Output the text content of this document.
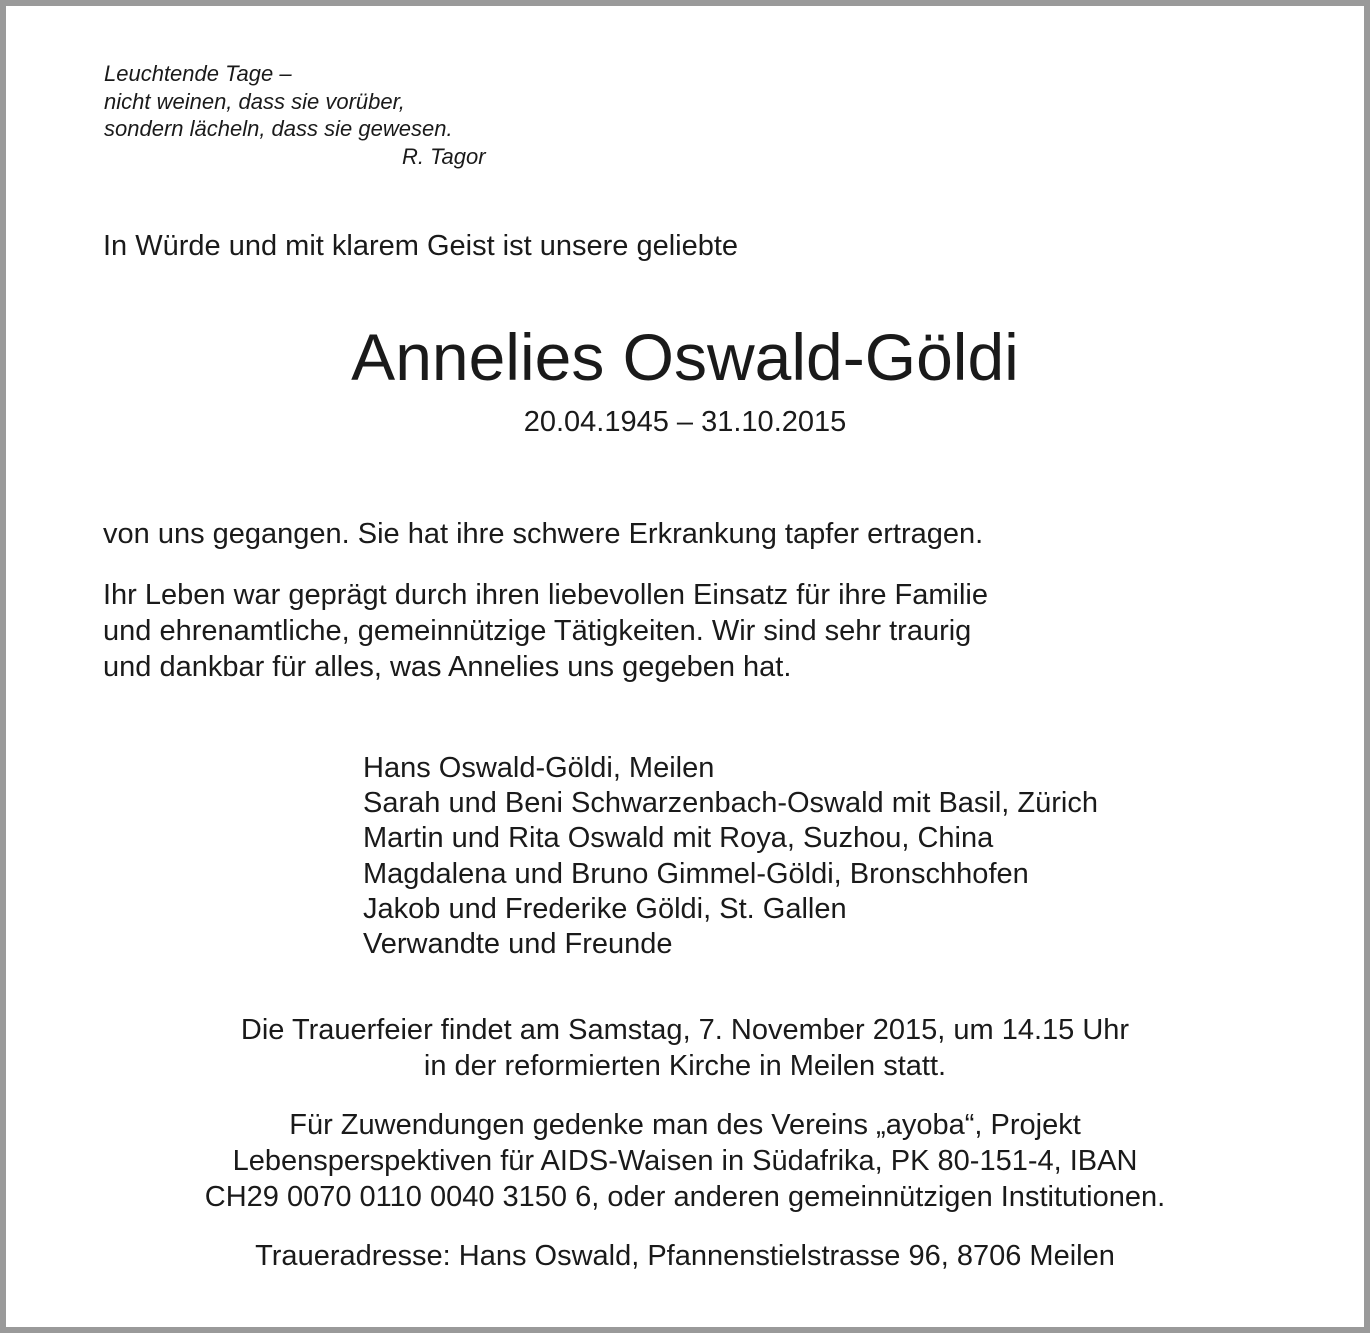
Leuchtende Tage –
nicht weinen, dass sie vorüber,
sondern lächeln, dass sie gewesen.
R. Tagor
In Würde und mit klarem Geist ist unsere geliebte
Annelies Oswald-Göldi
20.04.1945 – 31.10.2015
von uns gegangen. Sie hat ihre schwere Erkrankung tapfer ertragen.
Ihr Leben war geprägt durch ihren liebevollen Einsatz für ihre Familie
und ehrenamtliche, gemeinnützige Tätigkeiten. Wir sind sehr traurig
und dankbar für alles, was Annelies uns gegeben hat.
Hans Oswald-Göldi, Meilen
Sarah und Beni Schwarzenbach-Oswald mit Basil, Zürich
Martin und Rita Oswald mit Roya, Suzhou, China
Magdalena und Bruno Gimmel-Göldi, Bronschhofen
Jakob und Frederike Göldi, St. Gallen
Verwandte und Freunde
Die Trauerfeier findet am Samstag, 7. November 2015, um 14.15 Uhr
in der reformierten Kirche in Meilen statt.
Für Zuwendungen gedenke man des Vereins „ayoba“, Projekt
Lebensperspektiven für AIDS-Waisen in Südafrika, PK 80-151-4, IBAN
CH29 0070 0110 0040 3150 6, oder anderen gemeinnützigen Institutionen.
Traueradresse: Hans Oswald, Pfannenstielstrasse 96, 8706 Meilen
